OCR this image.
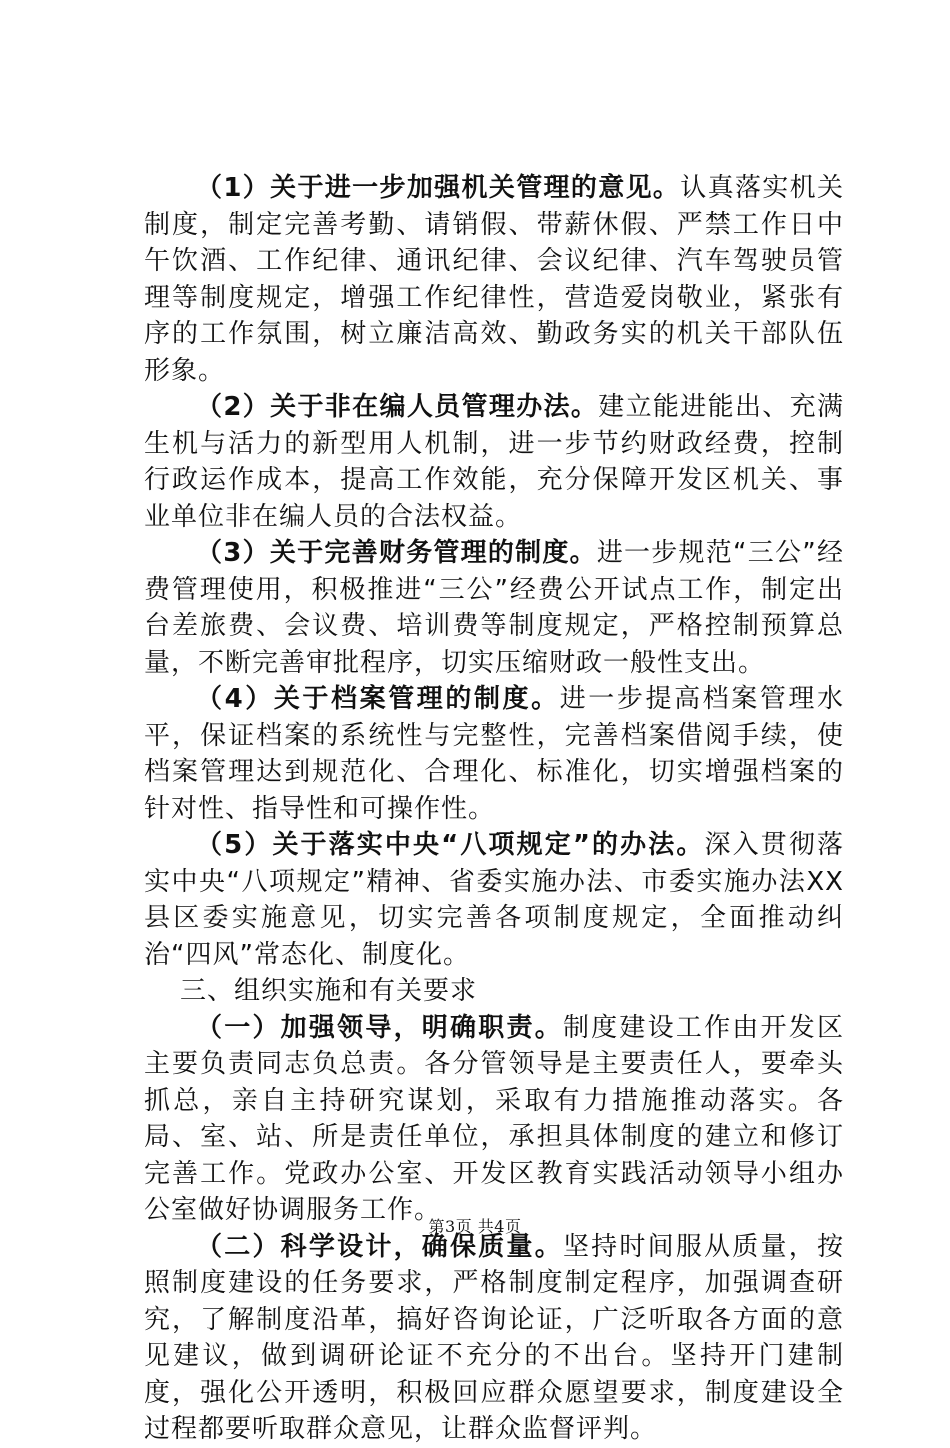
（1）关于进一步加强机关管理的意见。认真落实机关制度，制定完善考勤、请销假、带薪休假、严禁工作日中午饮酒、工作纪律、通讯纪律、会议纪律、汽车驾驶员管理等制度规定，增强工作纪律性，营造爱岗敬业，紧张有序的工作氛围，树立廉洁高效、勤政务实的机关干部队伍形象。

（2）关于非在编人员管理办法。建立能进能出、充满生机与活力的新型用人机制，进一步节约财政经费，控制行政运作成本，提高工作效能，充分保障开发区机关、事业单位非在编人员的合法权益。

（3）关于完善财务管理的制度。进一步规范“三公”经费管理使用，积极推进“三公”经费公开试点工作，制定出台差旅费、会议费、培训费等制度规定，严格控制预算总量，不断完善审批程序，切实压缩财政一般性支出。

（4）关于档案管理的制度。进一步提高档案管理水平，保证档案的系统性与完整性，完善档案借阅手续，使档案管理达到规范化、合理化、标准化，切实增强档案的针对性、指导性和可操作性。

（5）关于落实中央“八项规定”的办法。深入贯彻落实中央“八项规定”精神、省委实施办法、市委实施办法XX县区委实施意见，切实完善各项制度规定，全面推动纠治“四风”常态化、制度化。

三、组织实施和有关要求

（一）加强领导，明确职责。制度建设工作由开发区主要负责同志负总责。各分管领导是主要责任人，要牵头抓总，亲自主持研究谋划，采取有力措施推动落实。各局、室、站、所是责任单位，承担具体制度的建立和修订完善工作。党政办公室、开发区教育实践活动领导小组办公室做好协调服务工作。

（二）科学设计，确保质量。坚持时间服从质量，按照制度建设的任务要求，严格制度制定程序，加强调查研究，了解制度沿革，搞好咨询论证，广泛听取各方面的意见建议，做到调研论证不充分的不出台。坚持开门建制度，强化公开透明，积极回应群众愿望要求，制度建设全过程都要听取群众意见，让群众监督评判。

第3页 共4页
